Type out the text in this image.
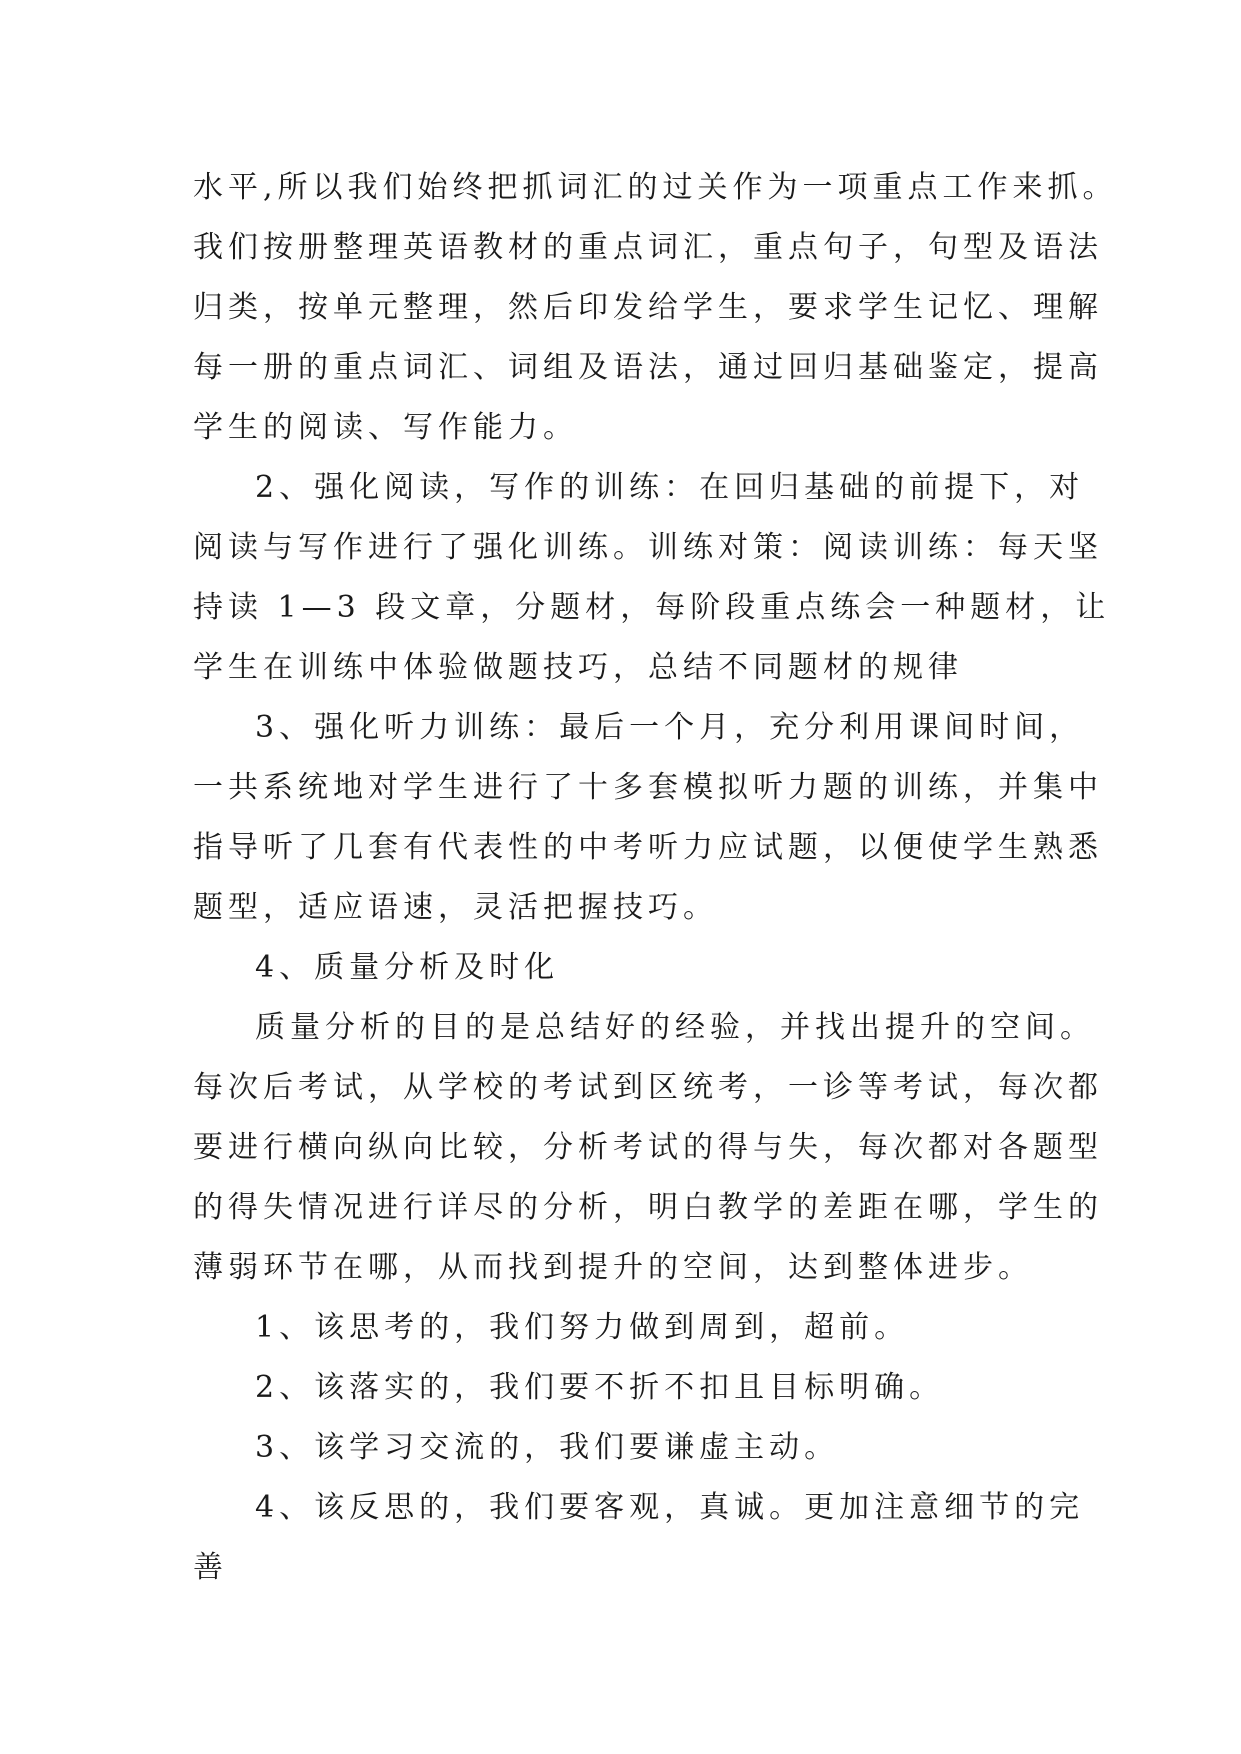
水平,所以我们始终把抓词汇的过关作为一项重点工作来抓。
我们按册整理英语教材的重点词汇，重点句子，句型及语法
归类，按单元整理，然后印发给学生，要求学生记忆、理解
每一册的重点词汇、词组及语法，通过回归基础鉴定，提高
学生的阅读、写作能力。
2、强化阅读，写作的训练：在回归基础的前提下，对
阅读与写作进行了强化训练。训练对策：阅读训练：每天坚
持读 1—3 段文章，分题材，每阶段重点练会一种题材，让
学生在训练中体验做题技巧，总结不同题材的规律
3、强化听力训练：最后一个月，充分利用课间时间，
一共系统地对学生进行了十多套模拟听力题的训练，并集中
指导听了几套有代表性的中考听力应试题，以便使学生熟悉
题型，适应语速，灵活把握技巧。
4、质量分析及时化
质量分析的目的是总结好的经验，并找出提升的空间。
每次后考试，从学校的考试到区统考，一诊等考试，每次都
要进行横向纵向比较，分析考试的得与失，每次都对各题型
的得失情况进行详尽的分析，明白教学的差距在哪，学生的
薄弱环节在哪，从而找到提升的空间，达到整体进步。
1、该思考的，我们努力做到周到，超前。
2、该落实的，我们要不折不扣且目标明确。
3、该学习交流的，我们要谦虚主动。
4、该反思的，我们要客观，真诚。更加注意细节的完
善
